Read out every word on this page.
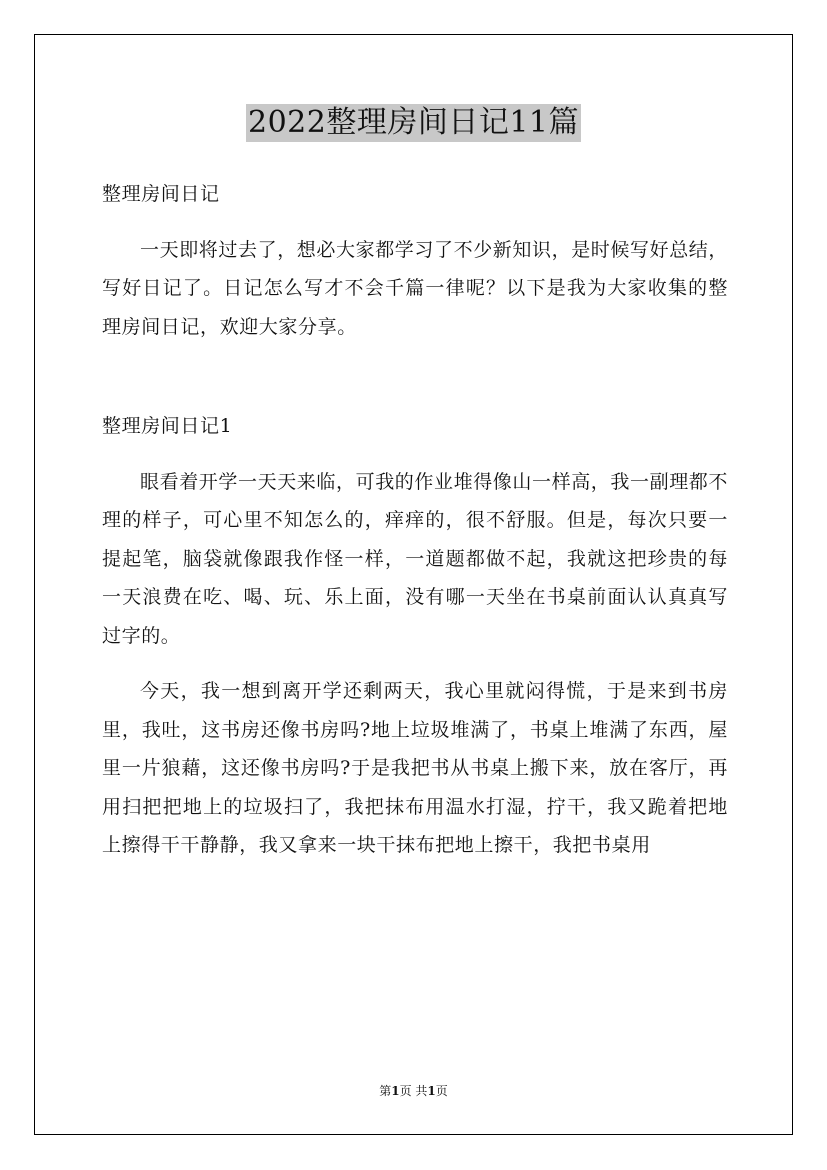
2022整理房间日记11篇

整理房间日记

一天即将过去了，想必大家都学习了不少新知识，是时候写好总结，写好日记了。日记怎么写才不会千篇一律呢？以下是我为大家收集的整理房间日记，欢迎大家分享。

整理房间日记1

眼看着开学一天天来临，可我的作业堆得像山一样高，我一副理都不理的样子，可心里不知怎么的，痒痒的，很不舒服。但是，每次只要一提起笔，脑袋就像跟我作怪一样，一道题都做不起，我就这把珍贵的每一天浪费在吃、喝、玩、乐上面，没有哪一天坐在书桌前面认认真真写过字的。

今天，我一想到离开学还剩两天，我心里就闷得慌，于是来到书房里，我吐，这书房还像书房吗?地上垃圾堆满了，书桌上堆满了东西，屋里一片狼藉，这还像书房吗?于是我把书从书桌上搬下来，放在客厅，再用扫把把地上的垃圾扫了，我把抹布用温水打湿，拧干，我又跪着把地上擦得干干静静，我又拿来一块干抹布把地上擦干，我把书桌用

第1页 共1页
